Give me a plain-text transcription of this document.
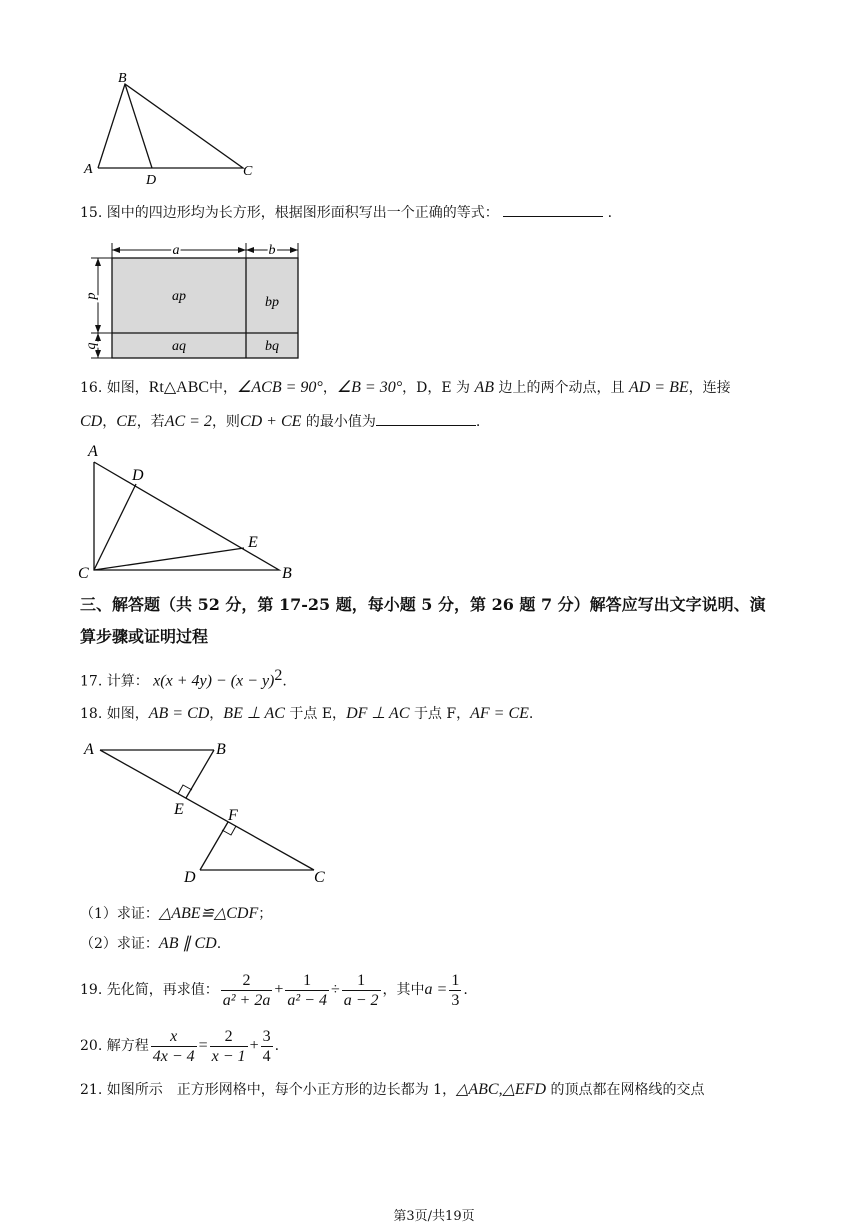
B
A
D
C
15. 图中的四边形均为长方形，根据图形面积写出一个正确的等式：	.
a	b
p
q
ap	bp
aq	bq
16. 如图，Rt△ABC中，∠ACB = 90°，∠B = 30°，D，E 为 AB 边上的两个动点，且 AD = BE，连接
CD，CE，若AC = 2，则CD + CE 的最小值为	.
A
D
E
C	B
三、解答题（共 52 分，第 17-25 题，每小题 5 分，第 26 题 7 分）解答应写出文字说明、演
算步骤或证明过程
17. 计算： $x(x + 4y) - (x - y)^2$.
18. 如图，AB = CD，BE ⊥ AC 于点 E，DF ⊥ AC 于点 F，AF = CE.
A	B
E	F
D	C
（1）求证：△ABE≌△CDF；
（2）求证：AB ∥ CD.
19.
先化简，再求值： $\frac{2}{\text{a² + 2a}} + \frac{1}{\text{a² − 4}} \div \frac{1}{a - 2}$ ，其中 $a = \frac{1}{3}$ .
20.
解方程 $\frac{x}{4x - 4} = \frac{2}{x - 1} + \frac{3}{4}$ .
21. 如图所示　正方形网格中，每个小正方形的边长都为 1，△ABC,△EFD 的顶点都在网格线的交点
第3页/共19页
